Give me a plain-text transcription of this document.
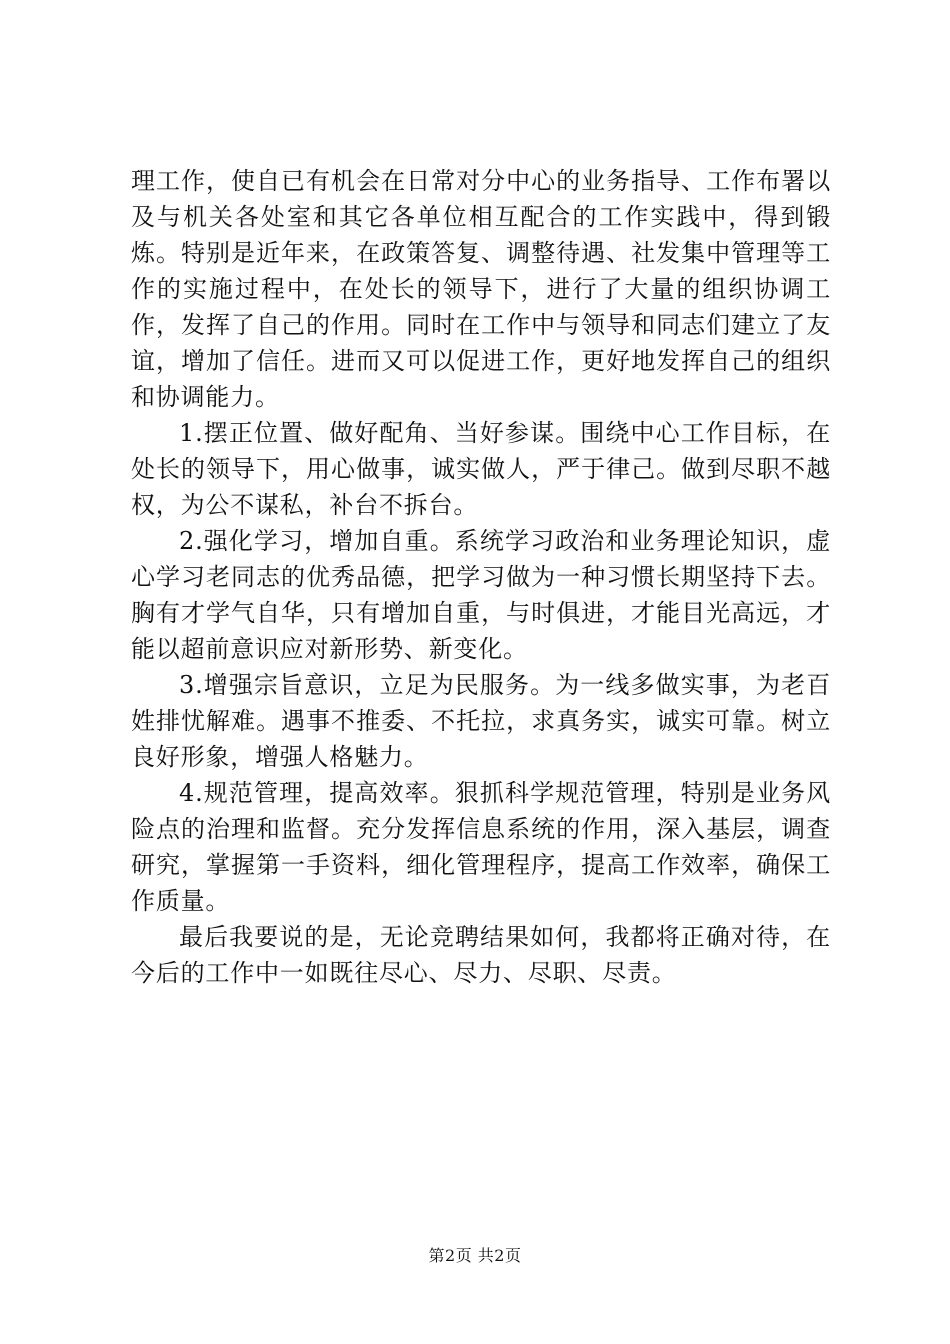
理工作，使自已有机会在日常对分中心的业务指导、工作布署以及与机关各处室和其它各单位相互配合的工作实践中，得到锻炼。特别是近年来，在政策答复、调整待遇、社发集中管理等工作的实施过程中，在处长的领导下，进行了大量的组织协调工作，发挥了自己的作用。同时在工作中与领导和同志们建立了友谊，增加了信任。进而又可以促进工作，更好地发挥自己的组织和协调能力。

1.摆正位置、做好配角、当好参谋。围绕中心工作目标，在处长的领导下，用心做事，诚实做人，严于律己。做到尽职不越权，为公不谋私，补台不拆台。

2.强化学习，增加自重。系统学习政治和业务理论知识，虚心学习老同志的优秀品德，把学习做为一种习惯长期坚持下去。胸有才学气自华，只有增加自重，与时俱进，才能目光高远，才能以超前意识应对新形势、新变化。

3.增强宗旨意识，立足为民服务。为一线多做实事，为老百姓排忧解难。遇事不推委、不托拉，求真务实，诚实可靠。树立良好形象，增强人格魅力。

4.规范管理，提高效率。狠抓科学规范管理，特别是业务风险点的治理和监督。充分发挥信息系统的作用，深入基层，调查研究，掌握第一手资料，细化管理程序，提高工作效率，确保工作质量。

最后我要说的是，无论竞聘结果如何，我都将正确对待，在今后的工作中一如既往尽心、尽力、尽职、尽责。

第2页 共2页
